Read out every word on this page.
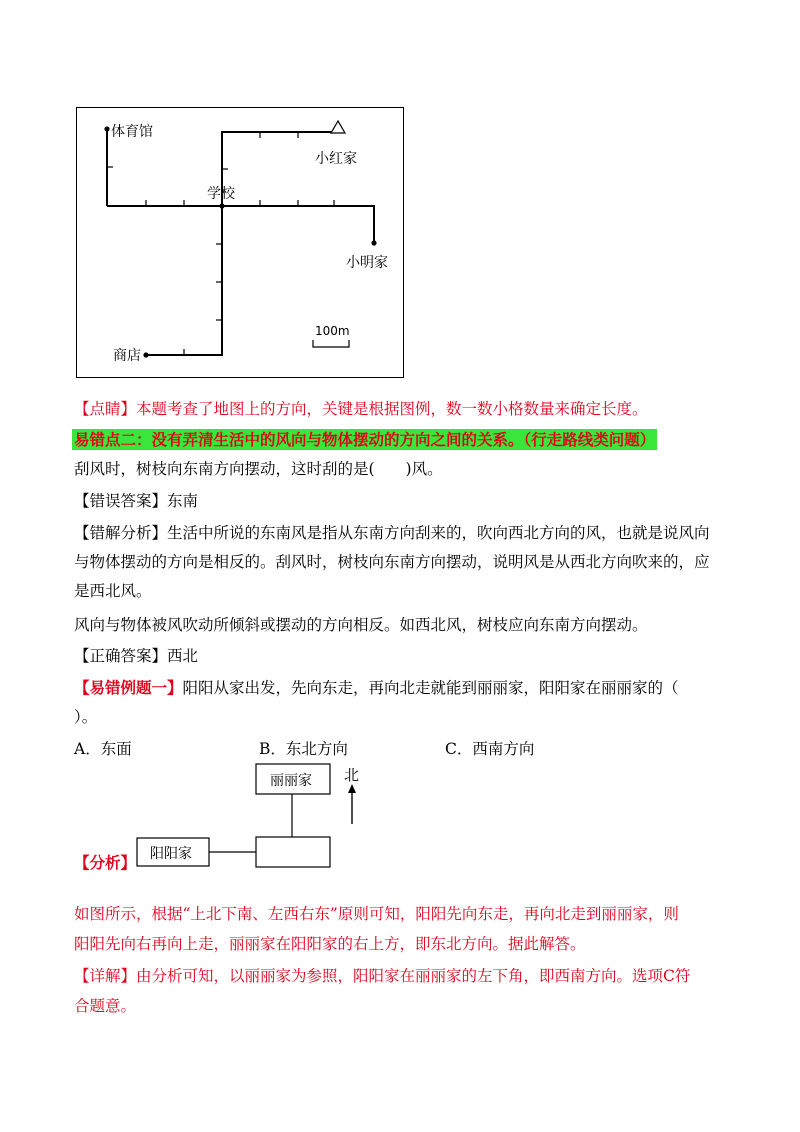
体育馆
小红家
学校
小明家
100m
商店
【点睛】本题考查了地图上的方向，关键是根据图例，数一数小格数量来确定长度。
易错点二：没有弄清生活中的风向与物体摆动的方向之间的关系。（行走路线类问题）
刮风时，树枝向东南方向摆动，这时刮的是(　　)风。
【错误答案】东南
【错解分析】生活中所说的东南风是指从东南方向刮来的，吹向西北方向的风，也就是说风向
与物体摆动的方向是相反的。刮风时，树枝向东南方向摆动，说明风是从西北方向吹来的，应
是西北风。
风向与物体被风吹动所倾斜或摆动的方向相反。如西北风，树枝应向东南方向摆动。
【正确答案】西北
【易错例题一】阳阳从家出发，先向东走，再向北走就能到丽丽家，阳阳家在丽丽家的（
）。
A．东面	B．东北方向	C．西南方向
丽丽家
阳阳家
北
【分析】
如图所示，根据“上北下南、左西右东”原则可知，阳阳先向东走，再向北走到丽丽家，则
阳阳先向右再向上走，丽丽家在阳阳家的右上方，即东北方向。据此解答。
【详解】由分析可知，以丽丽家为参照，阳阳家在丽丽家的左下角，即西南方向。选项C符
合题意。
